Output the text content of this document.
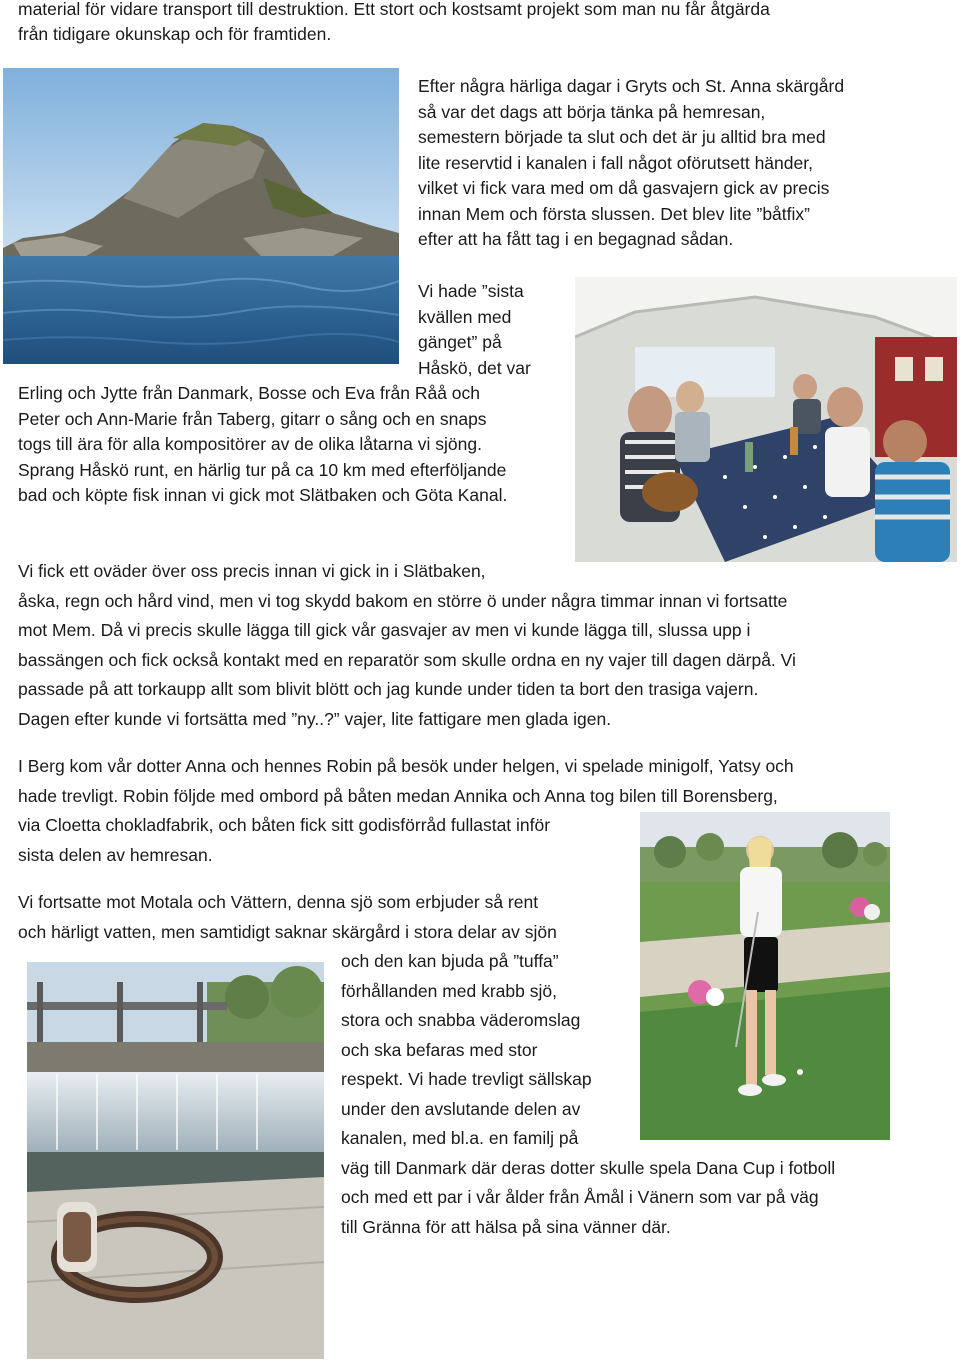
material för vidare transport till destruktion. Ett stort och kostsamt projekt som man nu får åtgärda
från tidigare okunskap och för framtiden.
Efter några härliga dagar i Gryts och St. Anna skärgård
så var det dags att börja tänka på hemresan,
semestern började ta slut och det är ju alltid bra med
lite reservtid i kanalen i fall något oförutsett händer,
vilket vi fick vara med om då gasvajern gick av precis
innan Mem och första slussen. Det blev lite ”båtfix”
efter att ha fått tag i en begagnad sådan.
Vi hade ”sista
kvällen med
gänget” på
Håskö, det var
Erling och Jytte från Danmark, Bosse och Eva från Råå och
Peter och Ann-Marie från Taberg, gitarr o sång och en snaps
togs till ära för alla kompositörer av de olika låtarna vi sjöng.
Sprang Håskö runt, en härlig tur på ca 10 km med efterföljande
bad och köpte fisk innan vi gick mot Slätbaken och Göta Kanal.
Vi fick ett oväder över oss precis innan vi gick in i Slätbaken,
åska, regn och hård vind, men vi tog skydd bakom en större ö under några timmar innan vi fortsatte
mot Mem. Då vi precis skulle lägga till gick vår gasvajer av men vi kunde lägga till, slussa upp i
bassängen och fick också kontakt med en reparatör som skulle ordna en ny vajer till dagen därpå. Vi
passade på att torkaupp allt som blivit blött och jag kunde under tiden ta bort den trasiga vajern.
Dagen efter kunde vi fortsätta med ”ny..?” vajer, lite fattigare men glada igen.
I Berg kom vår dotter Anna och hennes Robin på besök under helgen, vi spelade minigolf, Yatsy och
hade trevligt. Robin följde med ombord på båten medan Annika och Anna tog bilen till Borensberg,
via Cloetta chokladfabrik, och båten fick sitt godisförråd fullastat inför
sista delen av hemresan.
Vi fortsatte mot Motala och Vättern, denna sjö som erbjuder så rent
och härligt vatten, men samtidigt saknar skärgård i stora delar av sjön
och den kan bjuda på ”tuffa”
förhållanden med krabb sjö,
stora och snabba väderomslag
och ska befaras med stor
respekt. Vi hade trevligt sällskap
under den avslutande delen av
kanalen, med bl.a. en familj på
väg till Danmark där deras dotter skulle spela Dana Cup i fotboll
och med ett par i vår ålder från Åmål i Vänern som var på väg
till Gränna för att hälsa på sina vänner där.
